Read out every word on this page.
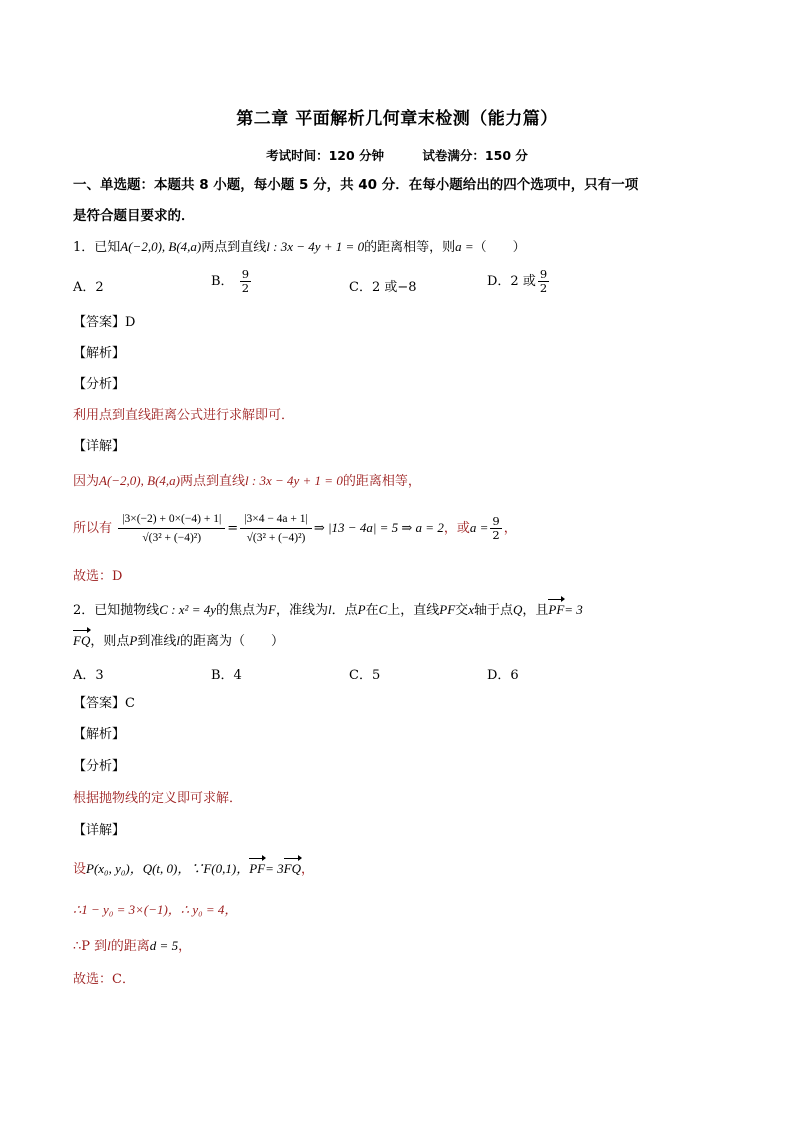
第二章 平面解析几何章末检测（能力篇）
考试时间：120 分钟	试卷满分：150 分
一、单选题：本题共 8 小题，每小题 5 分，共 40 分．在每小题给出的四个选项中，只有一项
是符合题目要求的．
1．已知A(−2,0), B(4,a)两点到直线l : 3x − 4y + 1 = 0的距离相等，则a =（　　）
A．2	B． $\frac{9}{2}$	C．2 或−8	D．2 或 $\frac{9}{2}$
【答案】D
【解析】
【分析】
利用点到直线距离公式进行求解即可．
【详解】
因为A(−2,0), B(4,a)两点到直线l : 3x − 4y + 1 = 0的距离相等，
所以有 $\frac{|3\times(-2) + 0\times(-4) + 1|}{\text{√(3² + (−4)²)}} = \frac{|3\times 4 - 4a + 1|}{\text{√(3² + (−4)²)}}$ ⇒ |13 − 4a| = 5 ⇒ a = 2，或$a = \frac{9}{2}$ ，
故选：D
2．已知抛物线C : x² = 4y的焦点为F，准线为l．点P在C上，直线PF交x轴于点Q，且PF= 3
FQ，则点P到准线l的距离为（　　）
A．3	B．4	C．5	D．6
【答案】C
【解析】
【分析】
根据抛物线的定义即可求解．
【详解】
设P(x₀, y₀)，Q(t, 0)，∵F(0,1)，PF= 3FQ，
∴1 − y₀ = 3×(−1)，∴ y₀ = 4，
∴P 到l的距离d = 5，
故选：C．
